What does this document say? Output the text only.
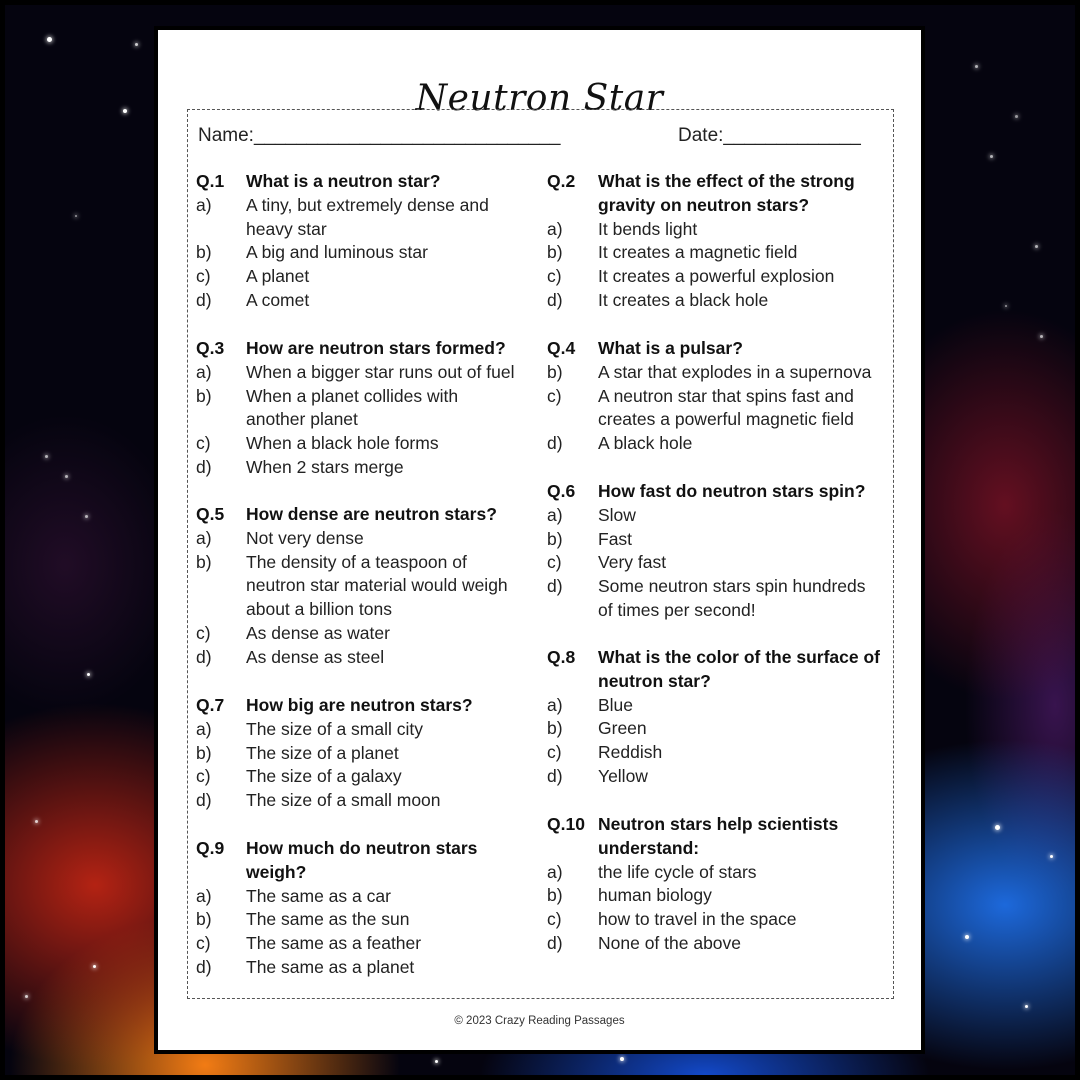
Neutron Star
Name:_____________________________	Date:_____________
Q.1 What is a neutron star?
a) A tiny, but extremely dense and
heavy star
b) A big and luminous star
c) A planet
d) A comet
Q.2 What is the effect of the strong
gravity on neutron stars?
a) It bends light
b) It creates a magnetic field
c) It creates a powerful explosion
d) It creates a black hole
Q.3 How are neutron stars formed?
a) When a bigger star runs out of fuel
b) When a planet collides with
another planet
c) When a black hole forms
d) When 2 stars merge
Q.4 What is a pulsar?
b) A star that explodes in a supernova
c) A neutron star that spins fast and
creates a powerful magnetic field
d) A black hole
Q.5 How dense are neutron stars?
a) Not very dense
b) The density of a teaspoon of
neutron star material would weigh
about a billion tons
c) As dense as water
d) As dense as steel
Q.6 How fast do neutron stars spin?
a) Slow
b) Fast
c) Very fast
d) Some neutron stars spin hundreds
of times per second!
Q.7 How big are neutron stars?
a) The size of a small city
b) The size of a planet
c) The size of a galaxy
d) The size of a small moon
Q.8 What is the color of the surface of
neutron star?
a) Blue
b) Green
c) Reddish
d) Yellow
Q.9 How much do neutron stars
weigh?
a) The same as a car
b) The same as the sun
c) The same as a feather
d) The same as a planet
Q.10 Neutron stars help scientists
understand:
a) the life cycle of stars
b) human biology
c) how to travel in the space
d) None of the above
© 2023 Crazy Reading Passages
